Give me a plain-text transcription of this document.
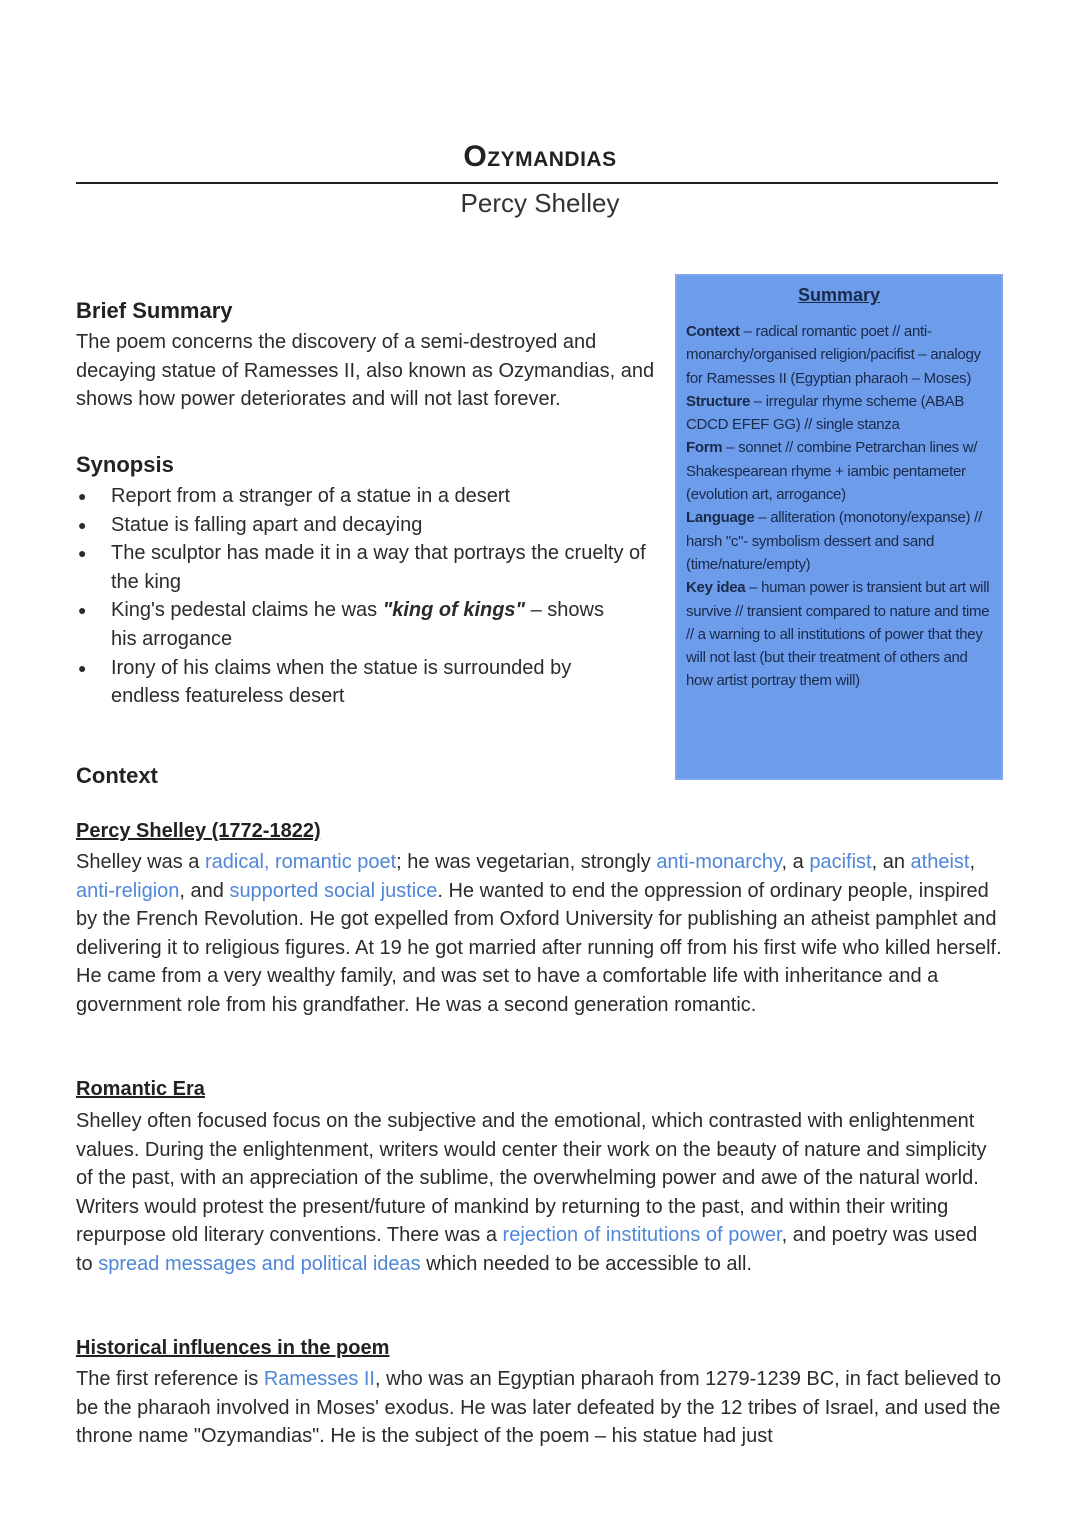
Ozymandias
Percy Shelley
Brief Summary
The poem concerns the discovery of a semi-destroyed and decaying statue of Ramesses II, also known as Ozymandias, and shows how power deteriorates and will not last forever.
Synopsis
● Report from a stranger of a statue in a desert
● Statue is falling apart and decaying
● The sculptor has made it in a way that portrays the cruelty of the king
● King's pedestal claims he was "king of kings" – shows his arrogance
● Irony of his claims when the statue is surrounded by endless featureless desert
Summary

Context – radical romantic poet // anti-monarchy/organised religion/pacifist – analogy for Ramesses II (Egyptian pharaoh – Moses)

Structure – irregular rhyme scheme (ABAB CDCD EFEF GG) // single stanza

Form – sonnet // combine Petrarchan lines w/ Shakespearean rhyme + iambic pentameter (evolution art, arrogance)

Language – alliteration (monotony/expanse) // harsh "c"- symbolism dessert and sand (time/nature/empty)

Key idea – human power is transient but art will survive // transient compared to nature and time // a warning to all institutions of power that they will not last (but their treatment of others and how artist portray them will)

Context
Percy Shelley (1772-1822)
Shelley was a radical, romantic poet; he was vegetarian, strongly anti-monarchy, a pacifist, an atheist, anti-religion, and supported social justice. He wanted to end the oppression of ordinary people, inspired by the French Revolution. He got expelled from Oxford University for publishing an atheist pamphlet and delivering it to religious figures. At 19 he got married after running off from his first wife who killed herself. He came from a very wealthy family, and was set to have a comfortable life with inheritance and a government role from his grandfather. He was a second generation romantic.
Romantic Era
Shelley often focused focus on the subjective and the emotional, which contrasted with enlightenment values. During the enlightenment, writers would center their work on the beauty of nature and simplicity of the past, with an appreciation of the sublime, the overwhelming power and awe of the natural world. Writers would protest the present/future of mankind by returning to the past, and within their writing repurpose old literary conventions. There was a rejection of institutions of power, and poetry was used to spread messages and political ideas which needed to be accessible to all.
Historical influences in the poem
The first reference is Ramesses II, who was an Egyptian pharaoh from 1279-1239 BC, in fact believed to be the pharaoh involved in Moses' exodus. He was later defeated by the 12 tribes of Israel, and used the throne name "Ozymandias". He is the subject of the poem – his statue had just
